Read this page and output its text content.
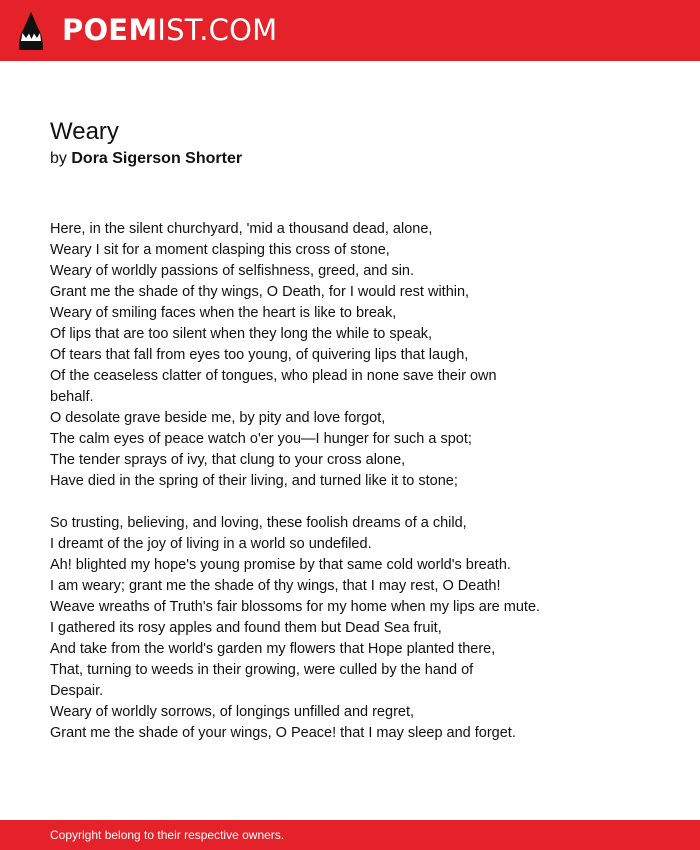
POEMIST.COM
Weary
by Dora Sigerson Shorter
Here, in the silent churchyard, 'mid a thousand dead, alone,
Weary I sit for a moment clasping this cross of stone,
Weary of worldly passions of selfishness, greed, and sin.
Grant me the shade of thy wings, O Death, for I would rest within,
Weary of smiling faces when the heart is like to break,
Of lips that are too silent when they long the while to speak,
Of tears that fall from eyes too young, of quivering lips that laugh,
Of the ceaseless clatter of tongues, who plead in none save their own
behalf.
O desolate grave beside me, by pity and love forgot,
The calm eyes of peace watch o'er you—I hunger for such a spot;
The tender sprays of ivy, that clung to your cross alone,
Have died in the spring of their living, and turned like it to stone;
So trusting, believing, and loving, these foolish dreams of a child,
I dreamt of the joy of living in a world so undefiled.
Ah! blighted my hope's young promise by that same cold world's breath.
I am weary; grant me the shade of thy wings, that I may rest, O Death!
Weave wreaths of Truth's fair blossoms for my home when my lips are mute.
I gathered its rosy apples and found them but Dead Sea fruit,
And take from the world's garden my flowers that Hope planted there,
That, turning to weeds in their growing, were culled by the hand of
Despair.
Weary of worldly sorrows, of longings unfilled and regret,
Grant me the shade of your wings, O Peace! that I may sleep and forget.
Copyright belong to their respective owners.
